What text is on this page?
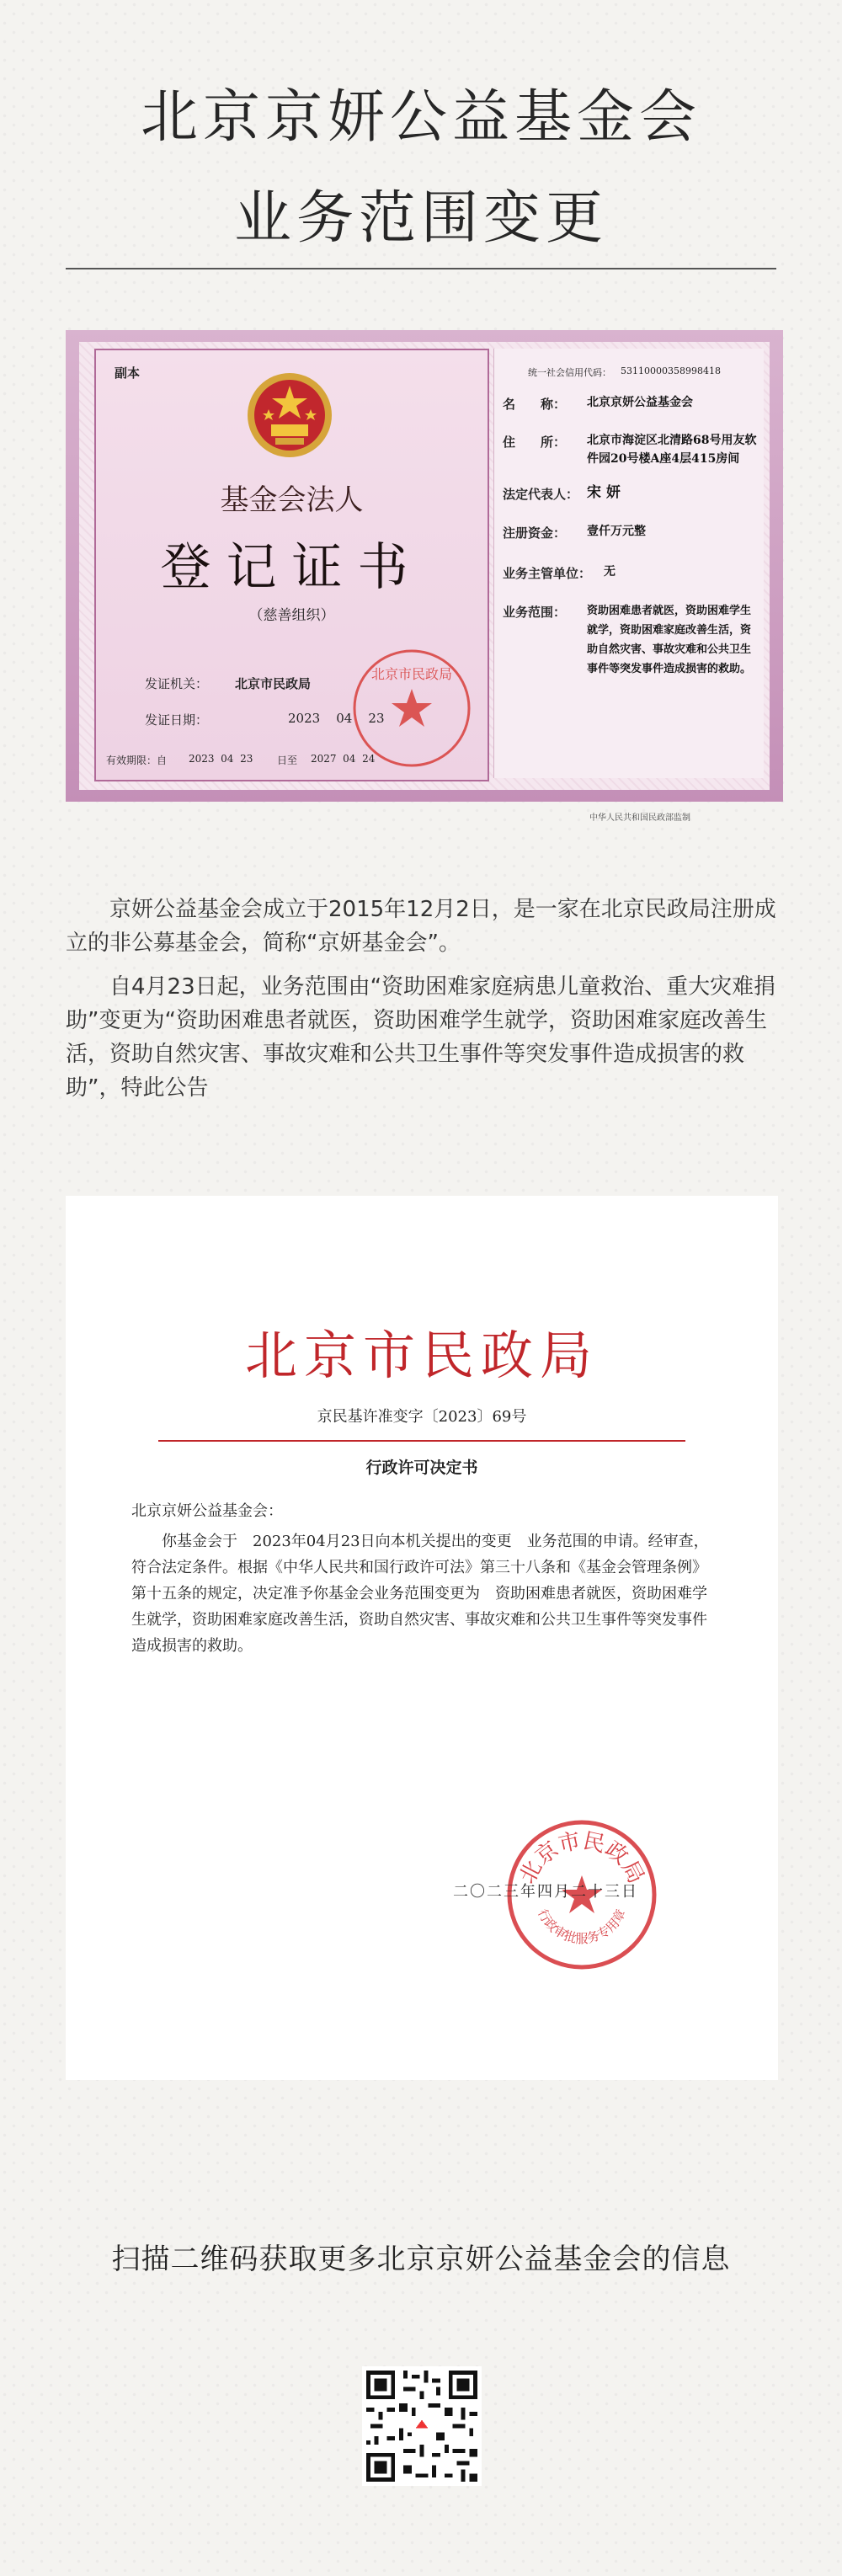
北京京妍公益基金会
业务范围变更
副本
基金会法人
登记证书
（慈善组织）
发证机关： 北京市民政局
发证日期：	2023    04    23
有效期限：自 2023  04  23 日至 2027  04  24
北京市民政局
统一社会信用代码： 53110000358998418
名　　称： 北京京妍公益基金会
住　　所： 北京市海淀区北清路68号用友软件园20号楼A座4层415房间
法定代表人： 宋 妍
注册资金： 壹仟万元整
业务主管单位： 无
业务范围： 资助困难患者就医，资助困难学生就学，资助困难家庭改善生活，资助自然灾害、事故灾难和公共卫生事件等突发事件造成损害的救助。
中华人民共和国民政部监制
京妍公益基金会成立于2015年12月2日，是一家在北京民政局注册成立的非公募基金会，简称“京妍基金会”。
自4月23日起，业务范围由“资助困难家庭病患儿童救治、重大灾难捐助”变更为“资助困难患者就医，资助困难学生就学，资助困难家庭改善生活，资助自然灾害、事故灾难和公共卫生事件等突发事件造成损害的救助”，特此公告
北京市民政局
京民基许准变字〔2023〕69号
行政许可决定书
北京京妍公益基金会：
你基金会于　2023年04月23日向本机关提出的变更　业务范围的申请。经审查，符合法定条件。根据《中华人民共和国行政许可法》第三十八条和《基金会管理条例》第十五条的规定，决定准予你基金会业务范围变更为　资助困难患者就医，资助困难学生就学，资助困难家庭改善生活，资助自然灾害、事故灾难和公共卫生事件等突发事件造成损害的救助。
北京市民政局
行政审批服务专用章
二〇二三年四月二十三日
扫描二维码获取更多北京京妍公益基金会的信息
